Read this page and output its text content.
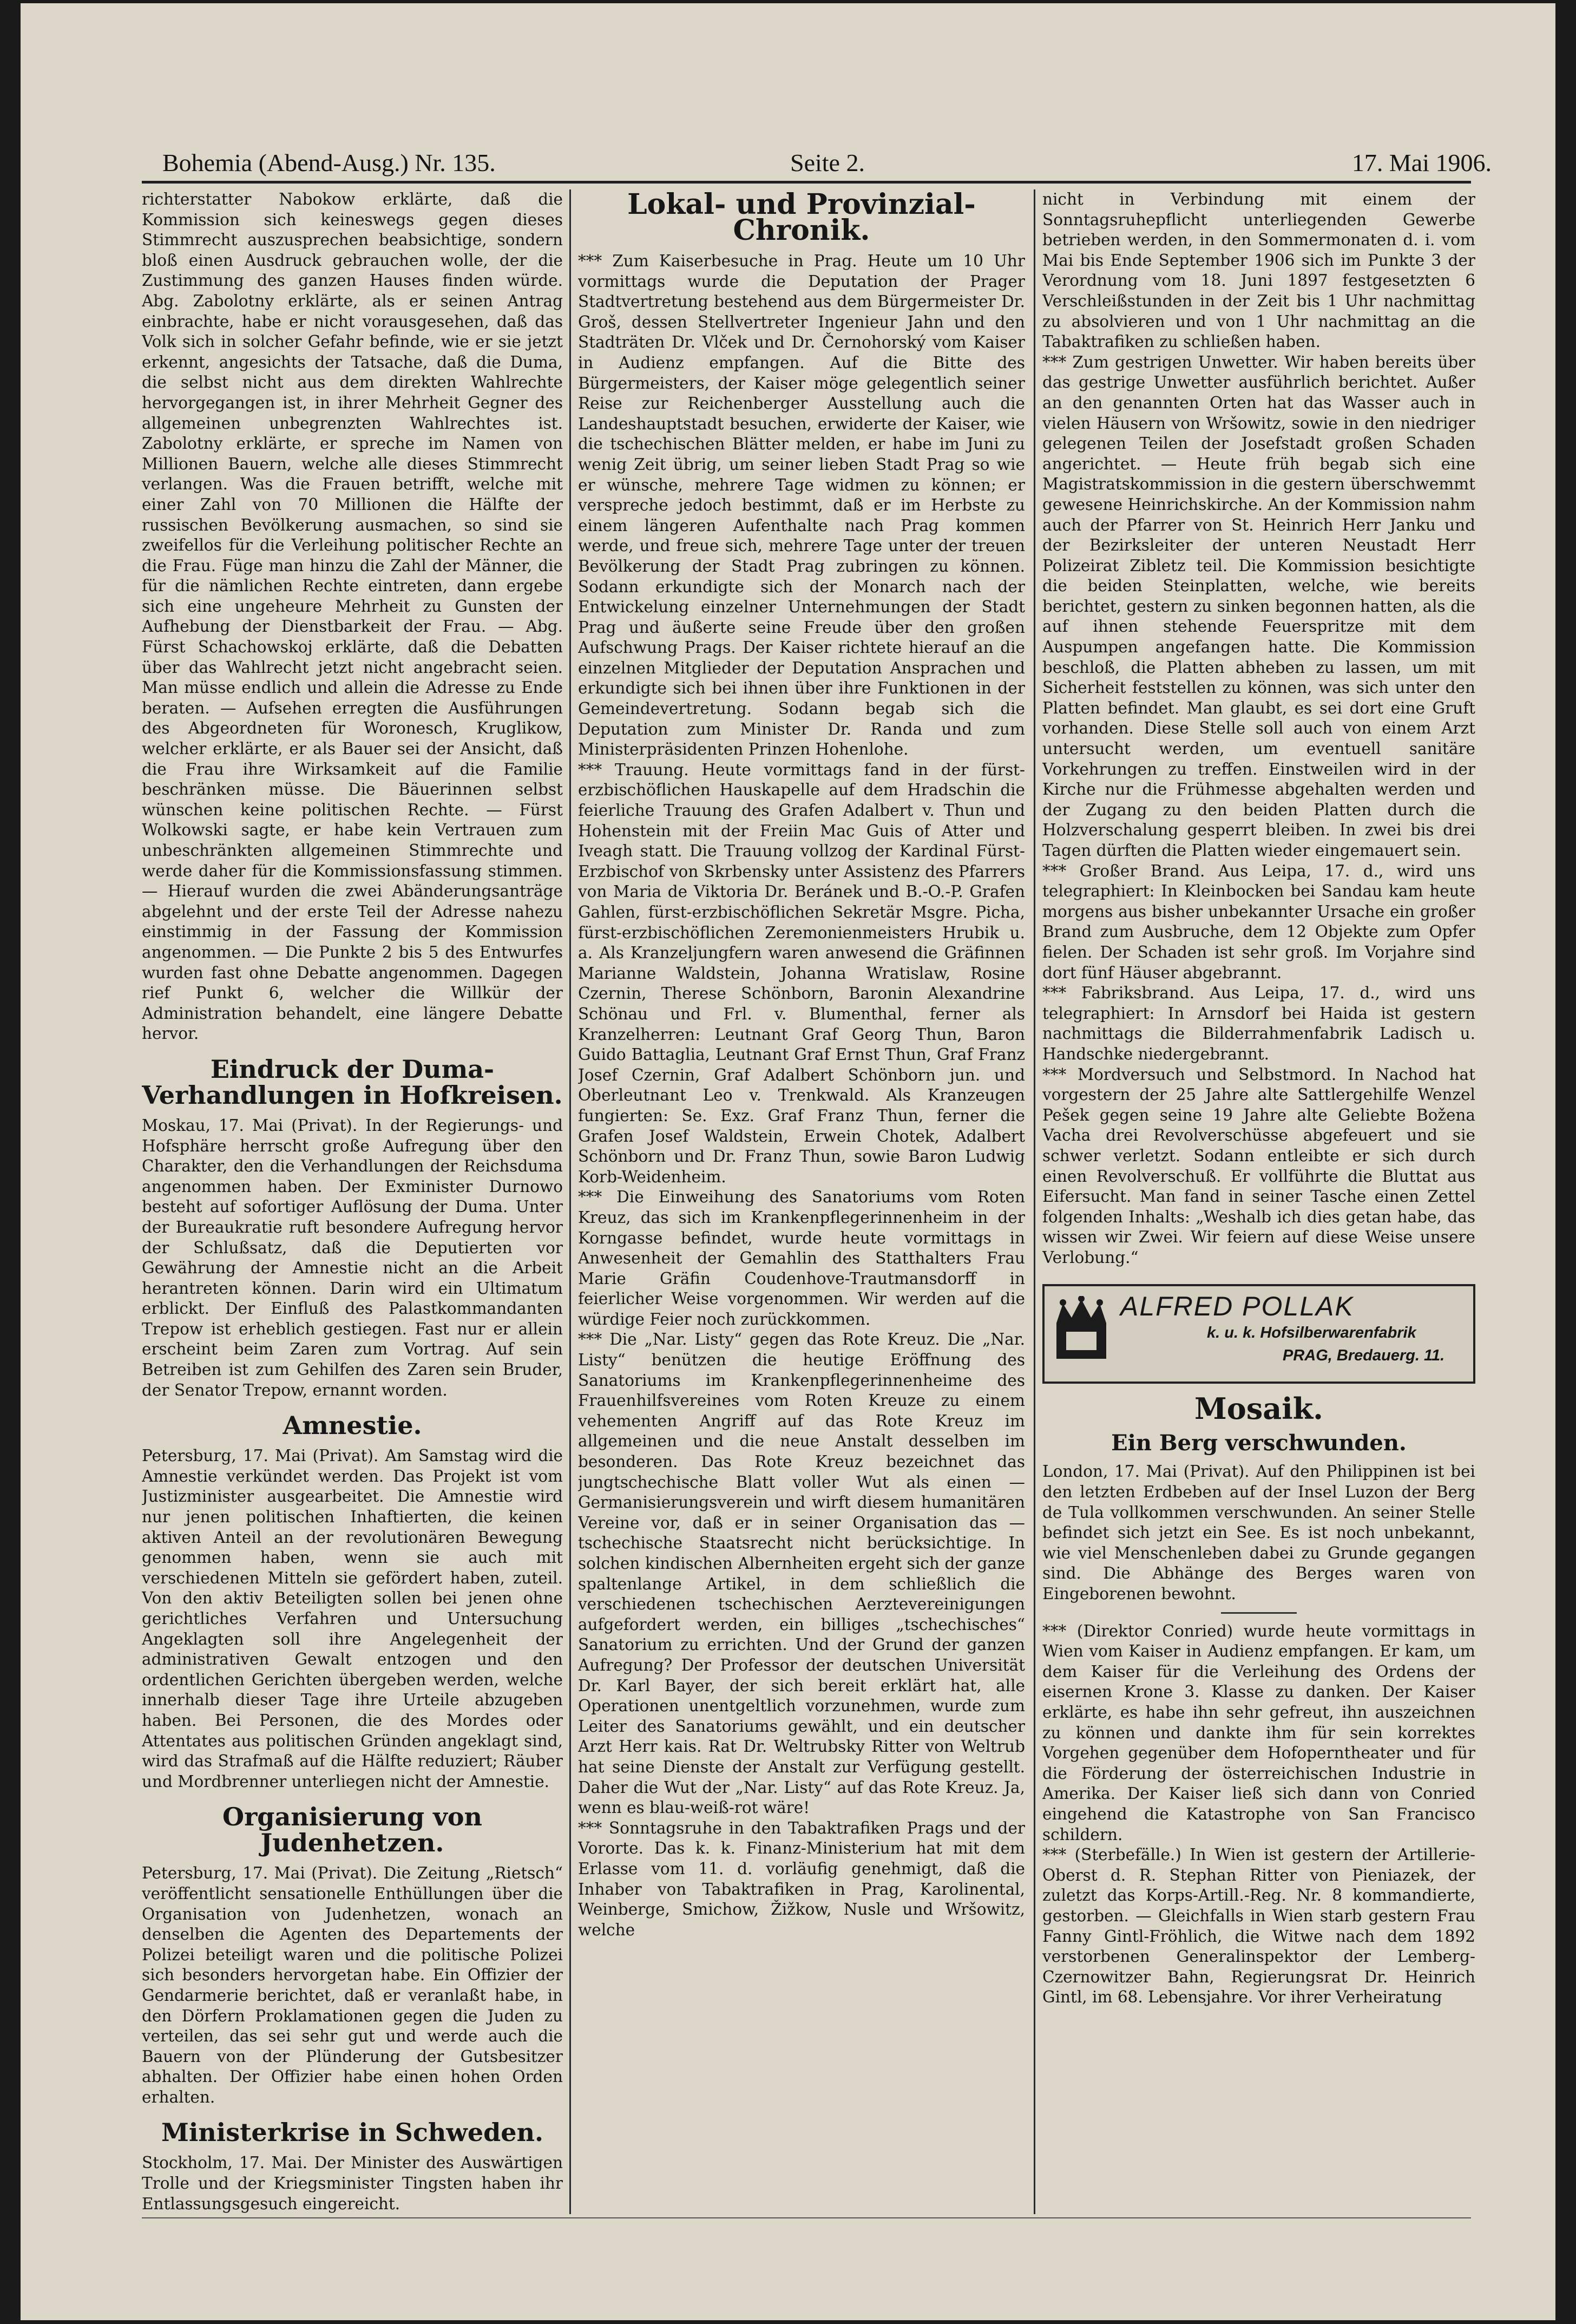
Bohemia (Abend-Ausg.) Nr. 135.	Seite 2.	17. Mai 1906.

richterstatter Nabokow erklärte, daß die Kommission sich keineswegs gegen dieses Stimmrecht auszusprechen beabsichtige, sondern bloß einen Ausdruck gebrauchen wolle, der die Zustimmung des ganzen Hauses finden würde. Abg. Zabolotny erklärte, als er seinen Antrag einbrachte, habe er nicht vorausgesehen, daß das Volk sich in solcher Gefahr befinde, wie er sie jetzt erkennt, angesichts der Tatsache, daß die Duma, die selbst nicht aus dem direkten Wahlrechte hervorgegangen ist, in ihrer Mehrheit Gegner des allgemeinen unbegrenzten Wahlrechtes ist. Zabolotny erklärte, er spreche im Namen von Millionen Bauern, welche alle dieses Stimmrecht verlangen. Was die Frauen betrifft, welche mit einer Zahl von 70 Millionen die Hälfte der russischen Bevölkerung ausmachen, so sind sie zweifellos für die Verleihung politischer Rechte an die Frau. Füge man hinzu die Zahl der Männer, die für die nämlichen Rechte eintreten, dann ergebe sich eine ungeheure Mehrheit zu Gunsten der Aufhebung der Dienstbarkeit der Frau. — Abg. Fürst Schachowskoj erklärte, daß die Debatten über das Wahlrecht jetzt nicht angebracht seien. Man müsse endlich und allein die Adresse zu Ende beraten. — Aufsehen erregten die Ausführungen des Abgeordneten für Woronesch, Kruglikow, welcher erklärte, er als Bauer sei der Ansicht, daß die Frau ihre Wirksamkeit auf die Familie beschränken müsse. Die Bäuerinnen selbst wünschen keine politischen Rechte. — Fürst Wolkowski sagte, er habe kein Vertrauen zum unbeschränkten allgemeinen Stimmrechte und werde daher für die Kommissionsfassung stimmen. — Hierauf wurden die zwei Abänderungsanträge abgelehnt und der erste Teil der Adresse nahezu einstimmig in der Fassung der Kommission angenommen. — Die Punkte 2 bis 5 des Entwurfes wurden fast ohne Debatte angenommen. Dagegen rief Punkt 6, welcher die Willkür der Administration behandelt, eine längere Debatte hervor.

Eindruck der Duma-Verhandlungen in Hofkreisen.

Moskau, 17. Mai (Privat). In der Regierungs- und Hofsphäre herrscht große Aufregung über den Charakter, den die Verhandlungen der Reichsduma angenommen haben. Der Exminister Durnowo besteht auf sofortiger Auflösung der Duma. Unter der Bureaukratie ruft besondere Aufregung hervor der Schlußsatz, daß die Deputierten vor Gewährung der Amnestie nicht an die Arbeit herantreten können. Darin wird ein Ultimatum erblickt. Der Einfluß des Palastkommandanten Trepow ist erheblich gestiegen. Fast nur er allein erscheint beim Zaren zum Vortrag. Auf sein Betreiben ist zum Gehilfen des Zaren sein Bruder, der Senator Trepow, ernannt worden.

Amnestie.

Petersburg, 17. Mai (Privat). Am Samstag wird die Amnestie verkündet werden. Das Projekt ist vom Justizminister ausgearbeitet. Die Amnestie wird nur jenen politischen Inhaftierten, die keinen aktiven Anteil an der revolutionären Bewegung genommen haben, wenn sie auch mit verschiedenen Mitteln sie gefördert haben, zuteil. Von den aktiv Beteiligten sollen bei jenen ohne gerichtliches Verfahren und Untersuchung Angeklagten soll ihre Angelegenheit der administrativen Gewalt entzogen und den ordentlichen Gerichten übergeben werden, welche innerhalb dieser Tage ihre Urteile abzugeben haben. Bei Personen, die des Mordes oder Attentates aus politischen Gründen angeklagt sind, wird das Strafmaß auf die Hälfte reduziert; Räuber und Mordbrenner unterliegen nicht der Amnestie.

Organisierung von Judenhetzen.

Petersburg, 17. Mai (Privat). Die Zeitung „Rietsch“ veröffentlicht sensationelle Enthüllungen über die Organisation von Judenhetzen, wonach an denselben die Agenten des Departements der Polizei beteiligt waren und die politische Polizei sich besonders hervorgetan habe. Ein Offizier der Gendarmerie berichtet, daß er veranlaßt habe, in den Dörfern Proklamationen gegen die Juden zu verteilen, das sei sehr gut und werde auch die Bauern von der Plünderung der Gutsbesitzer abhalten. Der Offizier habe einen hohen Orden erhalten.

Ministerkrise in Schweden.

Stockholm, 17. Mai. Der Minister des Auswärtigen Trolle und der Kriegsminister Tingsten haben ihr Entlassungsgesuch eingereicht.

Lokal- und Provinzial-Chronik.

*** Zum Kaiserbesuche in Prag. Heute um 10 Uhr vormittags wurde die Deputation der Prager Stadtvertretung bestehend aus dem Bürgermeister Dr. Groš, dessen Stellvertreter Ingenieur Jahn und den Stadträten Dr. Vlček und Dr. Černohorský vom Kaiser in Audienz empfangen. Auf die Bitte des Bürgermeisters, der Kaiser möge gelegentlich seiner Reise zur Reichenberger Ausstellung auch die Landeshauptstadt besuchen, erwiderte der Kaiser, wie die tschechischen Blätter melden, er habe im Juni zu wenig Zeit übrig, um seiner lieben Stadt Prag so wie er wünsche, mehrere Tage widmen zu können; er verspreche jedoch bestimmt, daß er im Herbste zu einem längeren Aufenthalte nach Prag kommen werde, und freue sich, mehrere Tage unter der treuen Bevölkerung der Stadt Prag zubringen zu können. Sodann erkundigte sich der Monarch nach der Entwickelung einzelner Unternehmungen der Stadt Prag und äußerte seine Freude über den großen Aufschwung Prags. Der Kaiser richtete hierauf an die einzelnen Mitglieder der Deputation Ansprachen und erkundigte sich bei ihnen über ihre Funktionen in der Gemeindevertretung. Sodann begab sich die Deputation zum Minister Dr. Randa und zum Ministerpräsidenten Prinzen Hohenlohe.

*** Trauung. Heute vormittags fand in der fürst-erzbischöflichen Hauskapelle auf dem Hradschin die feierliche Trauung des Grafen Adalbert v. Thun und Hohenstein mit der Freiin Mac Guis of Atter und Iveagh statt. Die Trauung vollzog der Kardinal Fürst-Erzbischof von Skrbensky unter Assistenz des Pfarrers von Maria de Viktoria Dr. Beránek und B.-O.-P. Grafen Gahlen, fürst-erzbischöflichen Sekretär Msgre. Picha, fürst-erzbischöflichen Zeremonienmeisters Hrubik u. a. Als Kranzeljungfern waren anwesend die Gräfinnen Marianne Waldstein, Johanna Wratislaw, Rosine Czernin, Therese Schönborn, Baronin Alexandrine Schönau und Frl. v. Blumenthal, ferner als Kranzelherren: Leutnant Graf Georg Thun, Baron Guido Battaglia, Leutnant Graf Ernst Thun, Graf Franz Josef Czernin, Graf Adalbert Schönborn jun. und Oberleutnant Leo v. Trenkwald. Als Kranzeugen fungierten: Se. Exz. Graf Franz Thun, ferner die Grafen Josef Waldstein, Erwein Chotek, Adalbert Schönborn und Dr. Franz Thun, sowie Baron Ludwig Korb-Weidenheim.

*** Die Einweihung des Sanatoriums vom Roten Kreuz, das sich im Krankenpflegerinnenheim in der Korngasse befindet, wurde heute vormittags in Anwesenheit der Gemahlin des Statthalters Frau Marie Gräfin Coudenhove-Trautmansdorff in feierlicher Weise vorgenommen. Wir werden auf die würdige Feier noch zurückkommen.

*** Die „Nar. Listy“ gegen das Rote Kreuz. Die „Nar. Listy“ benützen die heutige Eröffnung des Sanatoriums im Krankenpflegerinnenheime des Frauenhilfsvereines vom Roten Kreuze zu einem vehementen Angriff auf das Rote Kreuz im allgemeinen und die neue Anstalt desselben im besonderen. Das Rote Kreuz bezeichnet das jungtschechische Blatt voller Wut als einen — Germanisierungsverein und wirft diesem humanitären Vereine vor, daß er in seiner Organisation das — tschechische Staatsrecht nicht berücksichtige. In solchen kindischen Albernheiten ergeht sich der ganze spaltenlange Artikel, in dem schließlich die verschiedenen tschechischen Aerztevereinigungen aufgefordert werden, ein billiges „tschechisches“ Sanatorium zu errichten. Und der Grund der ganzen Aufregung? Der Professor der deutschen Universität Dr. Karl Bayer, der sich bereit erklärt hat, alle Operationen unentgeltlich vorzunehmen, wurde zum Leiter des Sanatoriums gewählt, und ein deutscher Arzt Herr kais. Rat Dr. Weltrubsky Ritter von Weltrub hat seine Dienste der Anstalt zur Verfügung gestellt. Daher die Wut der „Nar. Listy“ auf das Rote Kreuz. Ja, wenn es blau-weiß-rot wäre!

*** Sonntagsruhe in den Tabaktrafiken Prags und der Vororte. Das k. k. Finanz-Ministerium hat mit dem Erlasse vom 11. d. vorläufig genehmigt, daß die Inhaber von Tabaktrafiken in Prag, Karolinental, Weinberge, Smichow, Žižkow, Nusle und Wršowitz, welche

nicht in Verbindung mit einem der Sonntagsruhepflicht unterliegenden Gewerbe betrieben werden, in den Sommermonaten d. i. vom Mai bis Ende September 1906 sich im Punkte 3 der Verordnung vom 18. Juni 1897 festgesetzten 6 Verschleißstunden in der Zeit bis 1 Uhr nachmittag zu absolvieren und von 1 Uhr nachmittag an die Tabaktrafiken zu schließen haben.

*** Zum gestrigen Unwetter. Wir haben bereits über das gestrige Unwetter ausführlich berichtet. Außer an den genannten Orten hat das Wasser auch in vielen Häusern von Wršowitz, sowie in den niedriger gelegenen Teilen der Josefstadt großen Schaden angerichtet. — Heute früh begab sich eine Magistratskommission in die gestern überschwemmt gewesene Heinrichskirche. An der Kommission nahm auch der Pfarrer von St. Heinrich Herr Janku und der Bezirksleiter der unteren Neustadt Herr Polizeirat Zibletz teil. Die Kommission besichtigte die beiden Steinplatten, welche, wie bereits berichtet, gestern zu sinken begonnen hatten, als die auf ihnen stehende Feuerspritze mit dem Auspumpen angefangen hatte. Die Kommission beschloß, die Platten abheben zu lassen, um mit Sicherheit feststellen zu können, was sich unter den Platten befindet. Man glaubt, es sei dort eine Gruft vorhanden. Diese Stelle soll auch von einem Arzt untersucht werden, um eventuell sanitäre Vorkehrungen zu treffen. Einstweilen wird in der Kirche nur die Frühmesse abgehalten werden und der Zugang zu den beiden Platten durch die Holzverschalung gesperrt bleiben. In zwei bis drei Tagen dürften die Platten wieder eingemauert sein.

*** Großer Brand. Aus Leipa, 17. d., wird uns telegraphiert: In Kleinbocken bei Sandau kam heute morgens aus bisher unbekannter Ursache ein großer Brand zum Ausbruche, dem 12 Objekte zum Opfer fielen. Der Schaden ist sehr groß. Im Vorjahre sind dort fünf Häuser abgebrannt.

*** Fabriksbrand. Aus Leipa, 17. d., wird uns telegraphiert: In Arnsdorf bei Haida ist gestern nachmittags die Bilderrahmenfabrik Ladisch u. Handschke niedergebrannt.

*** Mordversuch und Selbstmord. In Nachod hat vorgestern der 25 Jahre alte Sattlergehilfe Wenzel Pešek gegen seine 19 Jahre alte Geliebte Božena Vacha drei Revolverschüsse abgefeuert und sie schwer verletzt. Sodann entleibte er sich durch einen Revolverschuß. Er vollführte die Bluttat aus Eifersucht. Man fand in seiner Tasche einen Zettel folgenden Inhalts: „Weshalb ich dies getan habe, das wissen wir Zwei. Wir feiern auf diese Weise unsere Verlobung.“

ALFRED POLLAK
k. u. k. Hofsilberwarenfabrik
PRAG, Bredauerg. 11.
Mosaik.
Ein Berg verschwunden.

London, 17. Mai (Privat). Auf den Philippinen ist bei den letzten Erdbeben auf der Insel Luzon der Berg de Tula vollkommen verschwunden. An seiner Stelle befindet sich jetzt ein See. Es ist noch unbekannt, wie viel Menschenleben dabei zu Grunde gegangen sind. Die Abhänge des Berges waren von Eingeborenen bewohnt.

*** (Direktor Conried) wurde heute vormittags in Wien vom Kaiser in Audienz empfangen. Er kam, um dem Kaiser für die Verleihung des Ordens der eisernen Krone 3. Klasse zu danken. Der Kaiser erklärte, es habe ihn sehr gefreut, ihn auszeichnen zu können und dankte ihm für sein korrektes Vorgehen gegenüber dem Hofoperntheater und für die Förderung der österreichischen Industrie in Amerika. Der Kaiser ließ sich dann von Conried eingehend die Katastrophe von San Francisco schildern.

*** (Sterbefälle.) In Wien ist gestern der Artillerie-Oberst d. R. Stephan Ritter von Pieniazek, der zuletzt das Korps-Artill.-Reg. Nr. 8 kommandierte, gestorben. — Gleichfalls in Wien starb gestern Frau Fanny Gintl-Fröhlich, die Witwe nach dem 1892 verstorbenen Generalinspektor der Lemberg-Czernowitzer Bahn, Regierungsrat Dr. Heinrich Gintl, im 68. Lebensjahre. Vor ihrer Verheiratung
